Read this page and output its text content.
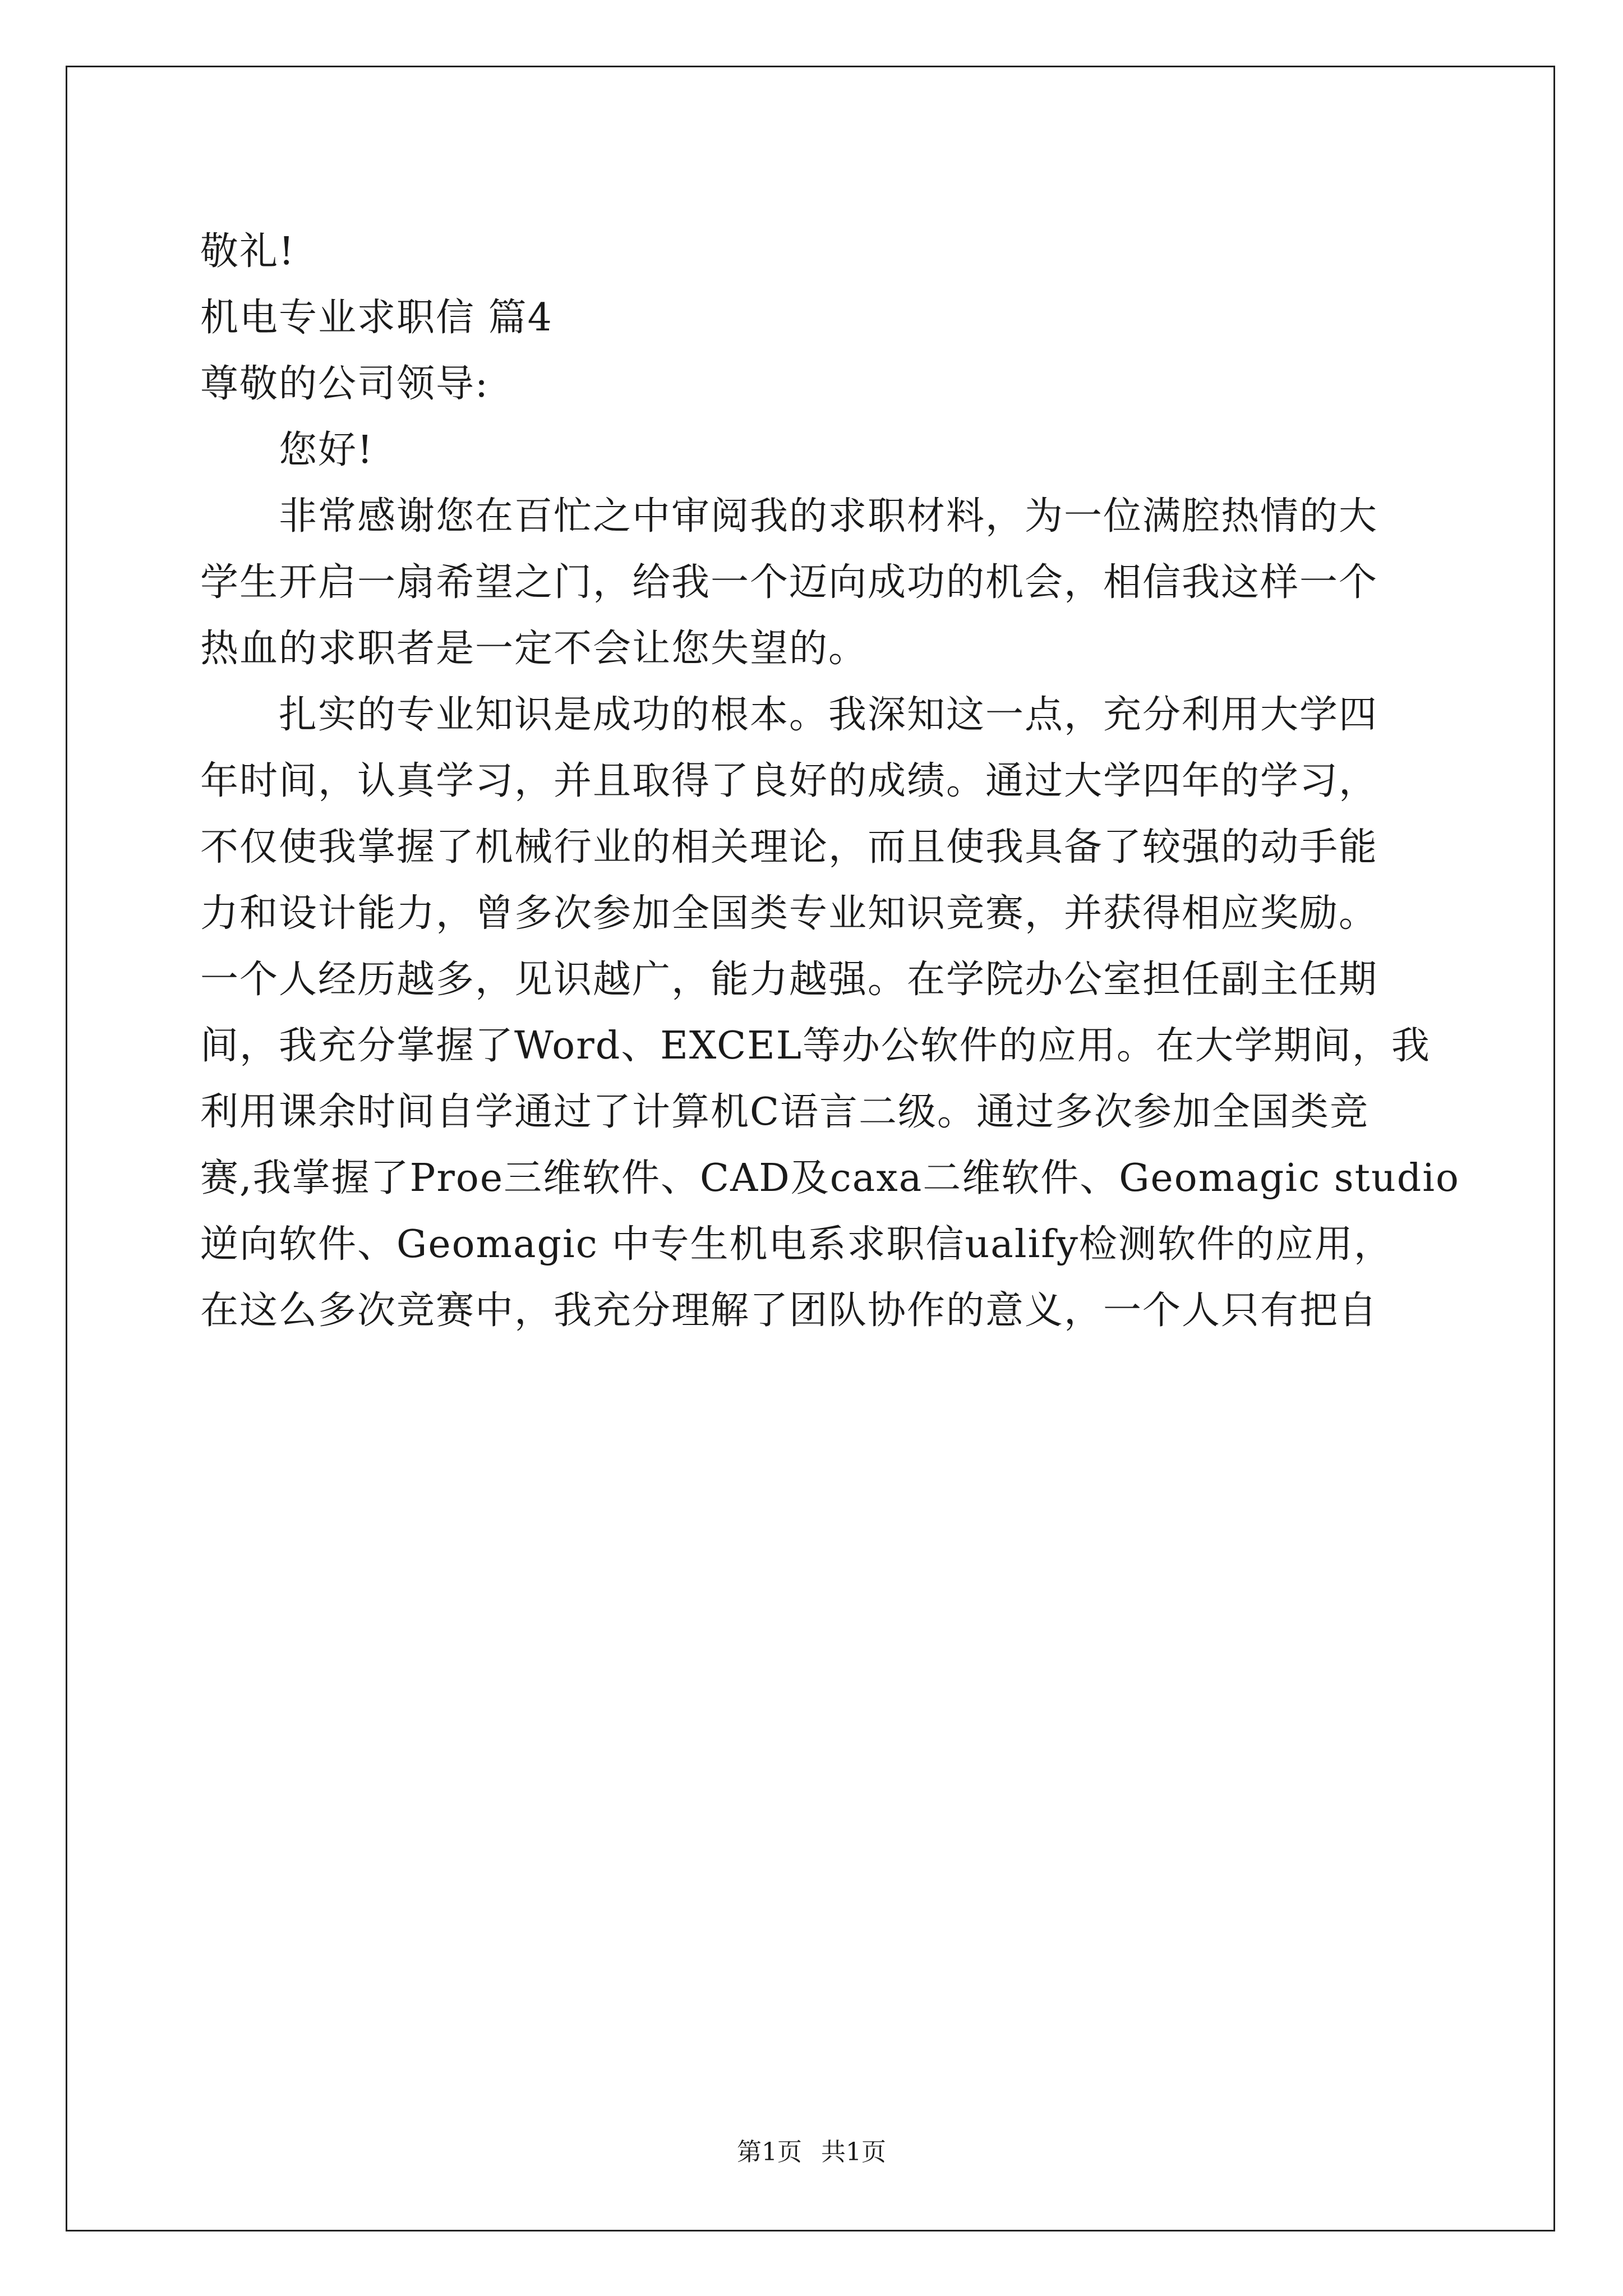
敬礼!
机电专业求职信 篇4
尊敬的公司领导:
您好!
非常感谢您在百忙之中审阅我的求职材料，为一位满腔热情的大
学生开启一扇希望之门，给我一个迈向成功的机会，相信我这样一个
热血的求职者是一定不会让您失望的。
扎实的专业知识是成功的根本。我深知这一点，充分利用大学四
年时间，认真学习，并且取得了良好的成绩。通过大学四年的学习，
不仅使我掌握了机械行业的相关理论，而且使我具备了较强的动手能
力和设计能力，曾多次参加全国类专业知识竞赛，并获得相应奖励。
一个人经历越多，见识越广，能力越强。在学院办公室担任副主任期
间，我充分掌握了Word、EXCEL等办公软件的应用。在大学期间，我
利用课余时间自学通过了计算机C语言二级。通过多次参加全国类竞
赛,我掌握了Proe三维软件、CAD及caxa二维软件、Geomagic studio
逆向软件、Geomagic 中专生机电系求职信ualify检测软件的应用，
在这么多次竞赛中，我充分理解了团队协作的意义，一个人只有把自
第1页 共1页
